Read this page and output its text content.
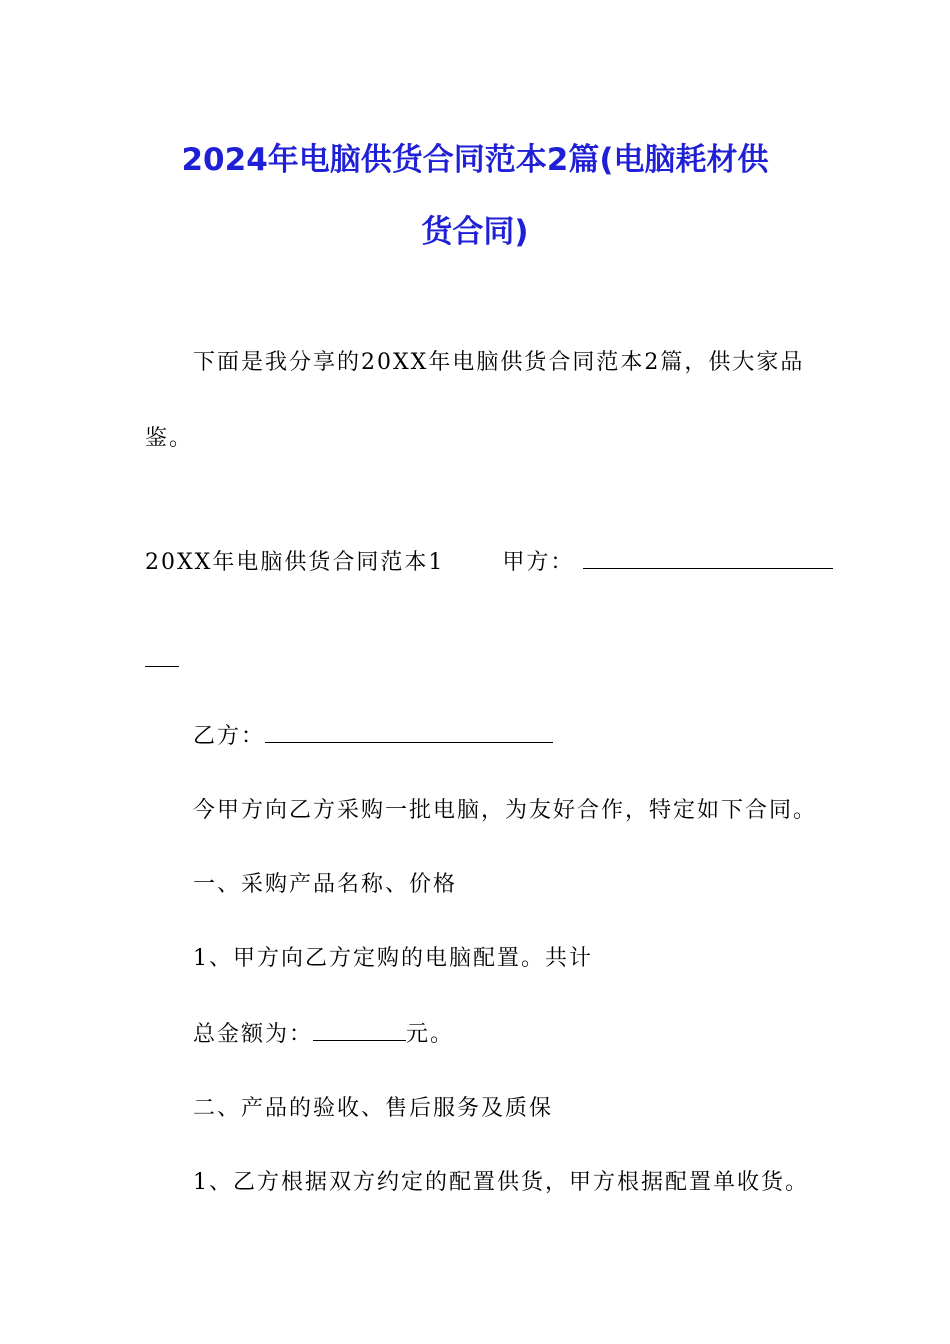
2024年电脑供货合同范本2篇(电脑耗材供
货合同)

下面是我分享的20XX年电脑供货合同范本2篇，供大家品

鉴。

20XX年电脑供货合同范本1	甲方：

乙方：

今甲方向乙方采购一批电脑，为友好合作，特定如下合同。

一、采购产品名称、价格

1、甲方向乙方定购的电脑配置。共计

总金额为：	元。

二、产品的验收、售后服务及质保

1、乙方根据双方约定的配置供货，甲方根据配置单收货。
